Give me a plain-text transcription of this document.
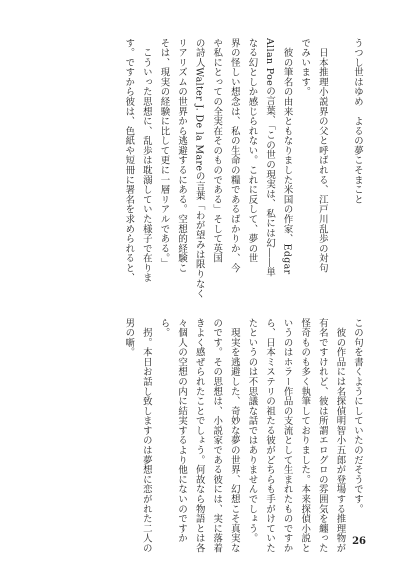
うつし世はゆめ　よるの夢こそまこと

　日本推理小説界の父と呼ばれる、江戸川乱歩の対句

でみいます。

　彼の筆名の由来ともなりました米国の作家、Edgar

Allan Poeの言葉、「この世の現実は、私には幻――単

なる幻としか感じられない。これに反して、夢の世

界の怪しい想念は、私の生命の糧であるばかりか、今

や私にとっての全実在そのものである」そして英国

の詩人Walter J. De la Mareの言葉「わが望みは限りなく

リアリズムの世界から逃避するにある。空想的経験こ

そは、現実の経験に比して更に一層リアルである。」

　こういった思想に、乱歩は耽溺していた様子で在りま

す。ですから彼は、色紙や短冊に署名を求められると、

この句を書くようにしていたのだそうです。

　彼の作品には名探偵明智小五郎が登場する推理物が

有名ですけれど、彼は所謂エログロの雰囲気を纏った

怪奇ものも多く執筆しておりました。本来探偵小説と

いうのはホラー作品の支流として生まれたものですか

ら、日本ミステリの祖たる彼がどちらも手がけていた

たというのは不思議な話ではありませんでしょう。

　現実を逃避した、奇妙な夢の世界、幻想こそ真実な

のです。その思想は、小説家である彼には、実に落着

きよく感ぜられたことでしょう。何故なら物語とは各

々個人の空想の内に結実するより他にないのですか

ら。

　拐。本日お話し致しますのは夢想に恋がれた二人の

男の噺。

26
